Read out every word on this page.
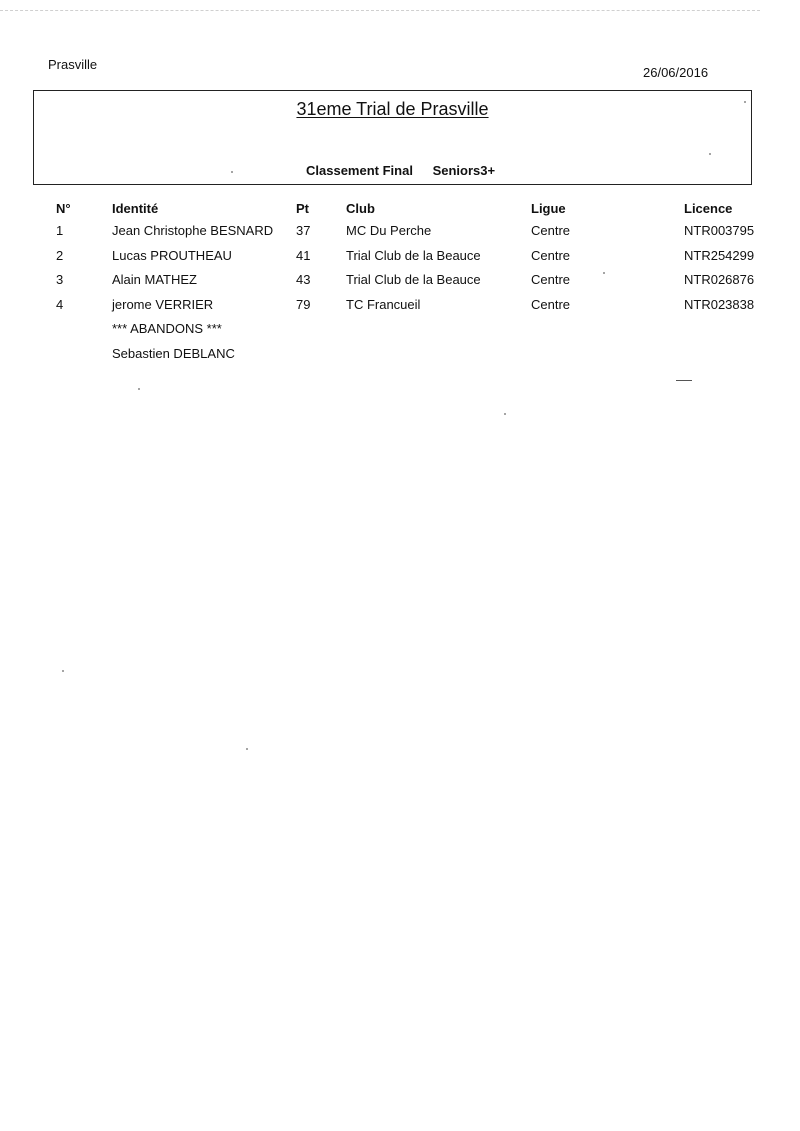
Prasville
26/06/2016
31eme Trial de Prasville
Classement Final Seniors3+
N°	Identité	Pt	Club	Ligue	Licence
1	Jean Christophe BESNARD	37	MC Du Perche	Centre	NTR003795
2	Lucas PROUTHEAU	41	Trial Club de la Beauce	Centre	NTR254299
3	Alain MATHEZ	43	Trial Club de la Beauce	Centre	NTR026876
4	jerome VERRIER	79	TC Francueil	Centre	NTR023838
	*** ABANDONS ***				
	Sebastien DEBLANC				
